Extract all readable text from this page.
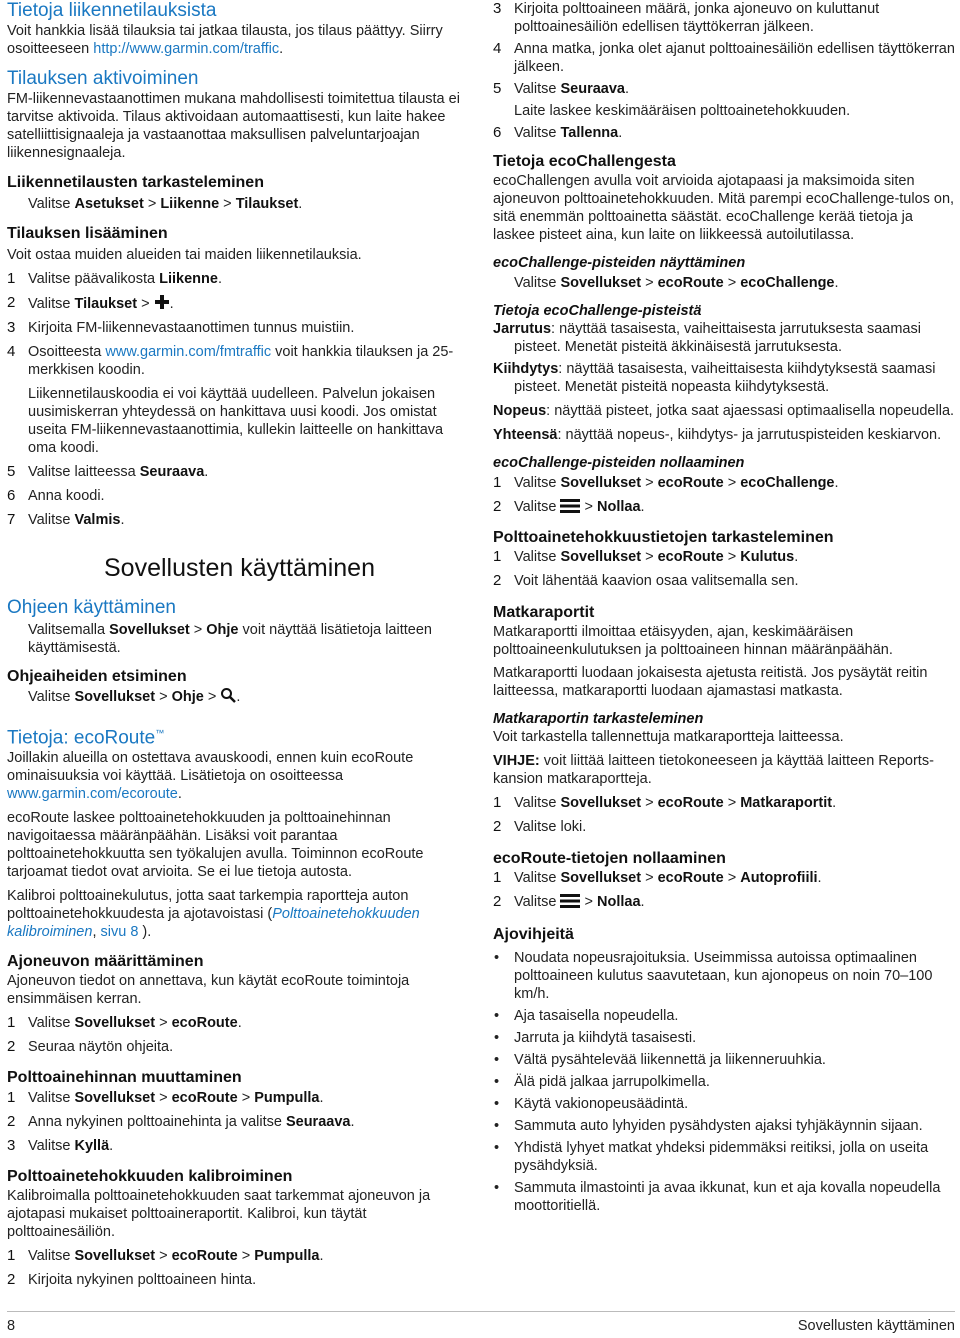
Tietoja liikennetilauksista

Voit hankkia lisää tilauksia tai jatkaa tilausta, jos tilaus päättyy. Siirry osoitteeseen http://www.garmin.com/traffic.

Tilauksen aktivoiminen

FM-liikennevastaanottimen mukana mahdollisesti toimitettua tilausta ei tarvitse aktivoida. Tilaus aktivoidaan automaattisesti, kun laite hakee satelliittisignaaleja ja vastaanottaa maksullisen palveluntarjoajan liikennesignaaleja.

Liikennetilausten tarkasteleminen

Valitse Asetukset > Liikenne > Tilaukset.

Tilauksen lisääminen

Voit ostaa muiden alueiden tai maiden liikennetilauksia.

1 Valitse päävalikosta Liikenne.
2 Valitse Tilaukset > .
3 Kirjoita FM-liikennevastaanottimen tunnus muistiin.
4 Osoitteesta www.garmin.com/fmtraffic voit hankkia tilauksen ja 25-merkkisen koodin.

Liikennetilauskoodia ei voi käyttää uudelleen. Palvelun jokaisen uusimiskerran yhteydessä on hankittava uusi koodi. Jos omistat useita FM-liikennevastaanottimia, kullekin laitteelle on hankittava oma koodi.

5 Valitse laitteessa Seuraava.
6 Anna koodi.
7 Valitse Valmis.
Sovellusten käyttäminen
Ohjeen käyttäminen

Valitsemalla Sovellukset > Ohje voit näyttää lisätietoja laitteen käyttämisestä.

Ohjeaiheiden etsiminen

Valitse Sovellukset > Ohje > .

Tietoja: ecoRoute™

Joillakin alueilla on ostettava avauskoodi, ennen kuin ecoRoute ominaisuuksia voi käyttää. Lisätietoja on osoitteessa www.garmin.com/ecoroute.

ecoRoute laskee polttoainetehokkuuden ja polttoainehinnan navigoitaessa määränpäähän. Lisäksi voit parantaa polttoainetehokkuutta sen työkalujen avulla. Toiminnon ecoRoute tarjoamat tiedot ovat arvioita. Se ei lue tietoja autosta.

Kalibroi polttoainekulutus, jotta saat tarkempia raportteja auton polttoainetehokkuudesta ja ajotavoistasi (Polttoainetehokkuuden kalibroiminen, sivu 8 ).

Ajoneuvon määrittäminen

Ajoneuvon tiedot on annettava, kun käytät ecoRoute toimintoja ensimmäisen kerran.

1 Valitse Sovellukset > ecoRoute.
2 Seuraa näytön ohjeita.
Polttoainehinnan muuttaminen
1 Valitse Sovellukset > ecoRoute > Pumpulla.
2 Anna nykyinen polttoainehinta ja valitse Seuraava.
3 Valitse Kyllä.
Polttoainetehokkuuden kalibroiminen

Kalibroimalla polttoainetehokkuuden saat tarkemmat ajoneuvon ja ajotapasi mukaiset polttoaineraportit. Kalibroi, kun täytät polttoainesäiliön.

1 Valitse Sovellukset > ecoRoute > Pumpulla.
2 Kirjoita nykyinen polttoaineen hinta.
3 Kirjoita polttoaineen määrä, jonka ajoneuvo on kuluttanut polttoainesäiliön edellisen täyttökerran jälkeen.
4 Anna matka, jonka olet ajanut polttoainesäiliön edellisen täyttökerran jälkeen.
5 Valitse Seuraava.

Laite laskee keskimääräisen polttoainetehokkuuden.

6 Valitse Tallenna.
Tietoja ecoChallengesta

ecoChallengen avulla voit arvioida ajotapaasi ja maksimoida siten ajoneuvon polttoainetehokkuuden. Mitä parempi ecoChallenge-tulos on, sitä enemmän polttoainetta säästät. ecoChallenge kerää tietoja ja laskee pisteet aina, kun laite on liikkeessä autoilutilassa.

ecoChallenge-pisteiden näyttäminen

Valitse Sovellukset > ecoRoute > ecoChallenge.

Tietoja ecoChallenge-pisteistä

Jarrutus: näyttää tasaisesta, vaiheittaisesta jarrutuksesta saamasi pisteet. Menetät pisteitä äkkinäisestä jarrutuksesta.

Kiihdytys: näyttää tasaisesta, vaiheittaisesta kiihdytyksestä saamasi pisteet. Menetät pisteitä nopeasta kiihdytyksestä.

Nopeus: näyttää pisteet, jotka saat ajaessasi optimaalisella nopeudella.

Yhteensä: näyttää nopeus-, kiihdytys- ja jarrutuspisteiden keskiarvon.

ecoChallenge-pisteiden nollaaminen
1 Valitse Sovellukset > ecoRoute > ecoChallenge.
2 Valitse  > Nollaa.
Polttoainetehokkuustietojen tarkasteleminen
1 Valitse Sovellukset > ecoRoute > Kulutus.
2 Voit lähentää kaavion osaa valitsemalla sen.
Matkaraportit

Matkaraportti ilmoittaa etäisyyden, ajan, keskimääräisen polttoaineenkulutuksen ja polttoaineen hinnan määränpäähän.

Matkaraportti luodaan jokaisesta ajetusta reitistä. Jos pysäytät reitin laitteessa, matkaraportti luodaan ajamastasi matkasta.

Matkaraportin tarkasteleminen

Voit tarkastella tallennettuja matkaraportteja laitteessa.

VIHJE: voit liittää laitteen tietokoneeseen ja käyttää laitteen Reports-kansion matkaraportteja.

1 Valitse Sovellukset > ecoRoute > Matkaraportit.
2 Valitse loki.
ecoRoute-tietojen nollaaminen
1 Valitse Sovellukset > ecoRoute > Autoprofiili.
2 Valitse  > Nollaa.
Ajovihjeitä
• Noudata nopeusrajoituksia. Useimmissa autoissa optimaalinen polttoaineen kulutus saavutetaan, kun ajonopeus on noin 70–100 km/h.
• Aja tasaisella nopeudella.
• Jarruta ja kiihdytä tasaisesti.
• Vältä pysähtelevää liikennettä ja liikenneruuhkia.
• Älä pidä jalkaa jarrupolkimella.
• Käytä vakionopeusäädintä.
• Sammuta auto lyhyiden pysähdysten ajaksi tyhjäkäynnin sijaan.
• Yhdistä lyhyet matkat yhdeksi pidemmäksi reitiksi, jolla on useita pysähdyksiä.
• Sammuta ilmastointi ja avaa ikkunat, kun et aja kovalla nopeudella moottoritiellä.
8	Sovellusten käyttäminen
